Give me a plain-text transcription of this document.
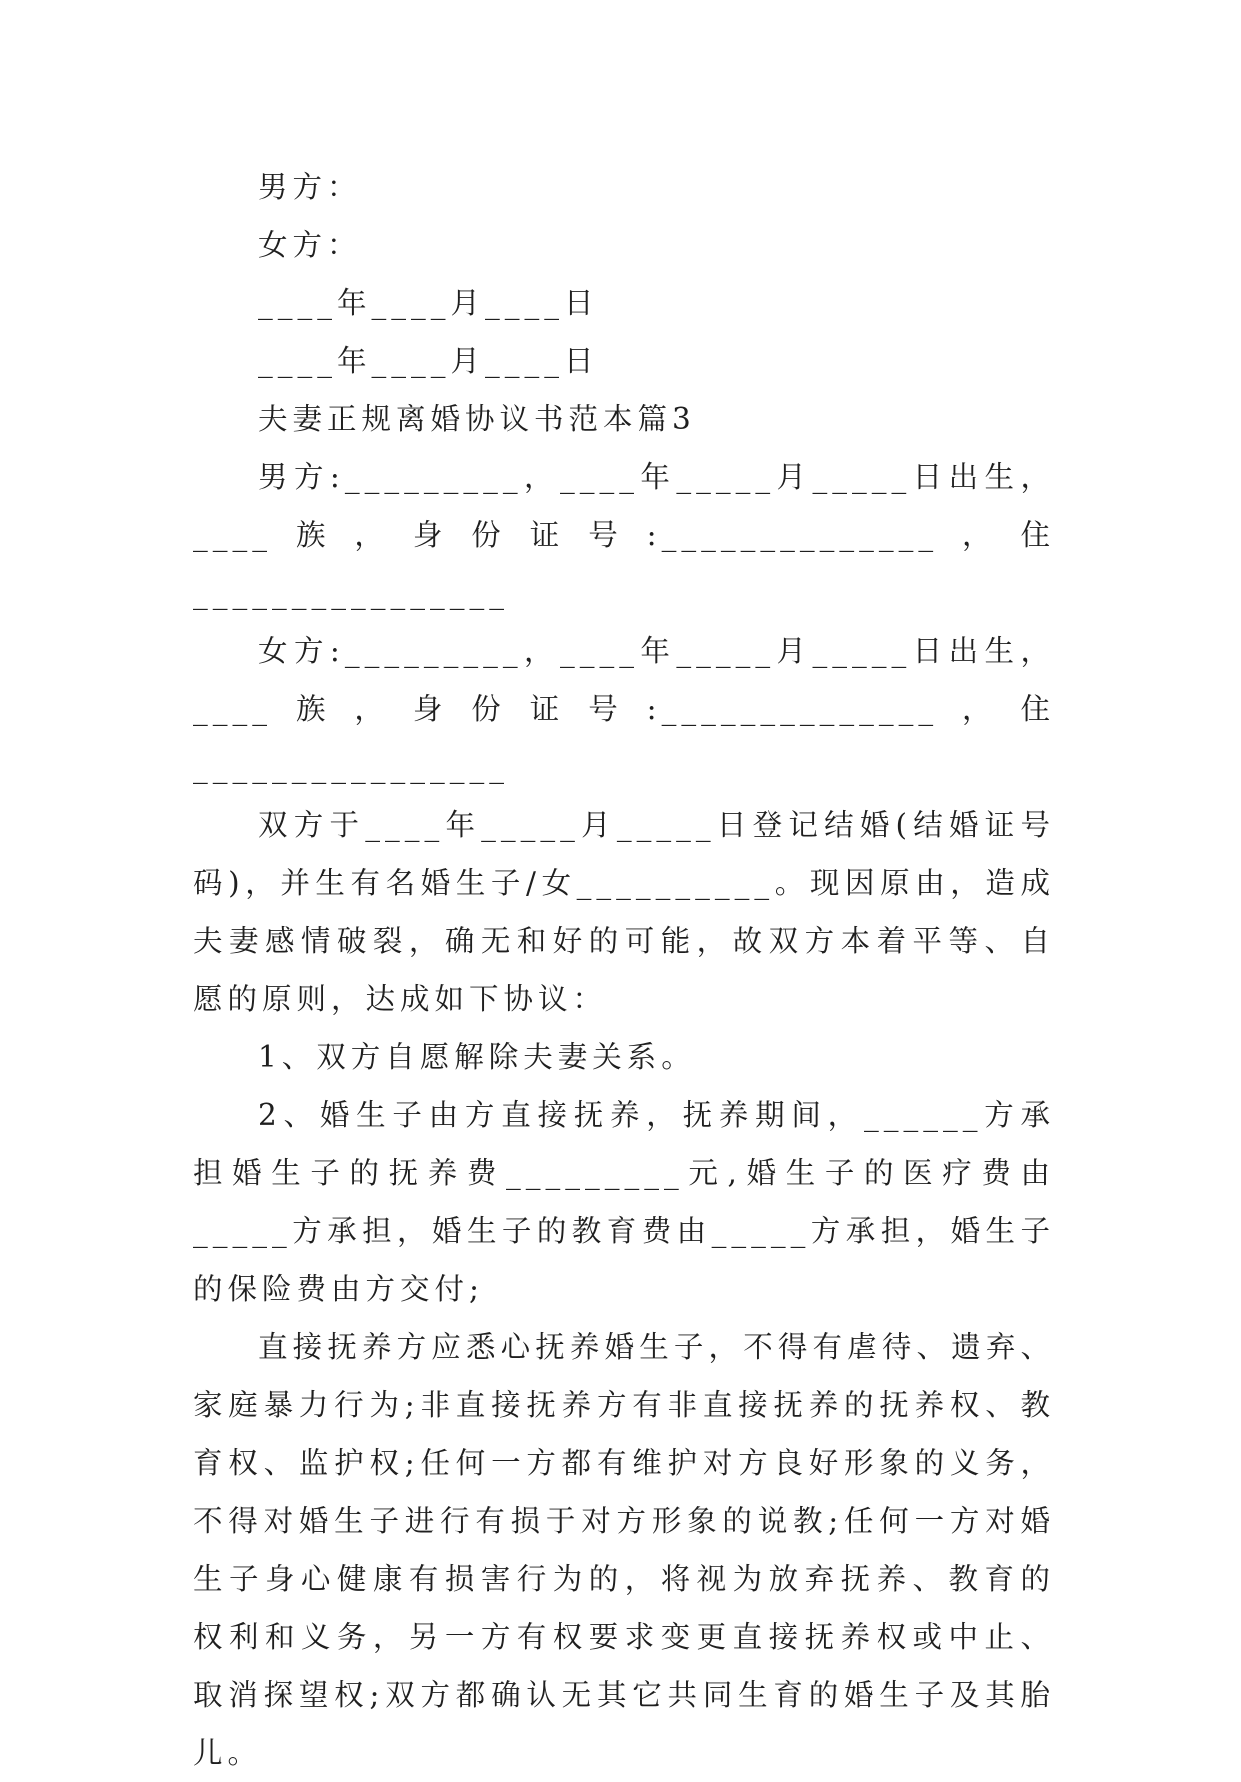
男方：

女方：

____年____月____日

____年____月____日

夫妻正规离婚协议书范本篇3

男方:_________，____年_____月_____日出生，____族，身份证号:______________，住________________

女方:_________，____年_____月_____日出生，____族，身份证号:______________，住________________

双方于____年_____月_____日登记结婚(结婚证号码)，并生有名婚生子/女__________。现因原由，造成夫妻感情破裂，确无和好的可能，故双方本着平等、自愿的原则，达成如下协议：

1、双方自愿解除夫妻关系。

2、婚生子由方直接抚养，抚养期间，______方承担婚生子的抚养费_________元,婚生子的医疗费由_____方承担，婚生子的教育费由_____方承担，婚生子的保险费由方交付;

直接抚养方应悉心抚养婚生子，不得有虐待、遗弃、家庭暴力行为;非直接抚养方有非直接抚养的抚养权、教育权、监护权;任何一方都有维护对方良好形象的义务，不得对婚生子进行有损于对方形象的说教;任何一方对婚生子身心健康有损害行为的，将视为放弃抚养、教育的权利和义务，另一方有权要求变更直接抚养权或中止、取消探望权;双方都确认无其它共同生育的婚生子及其胎儿。
